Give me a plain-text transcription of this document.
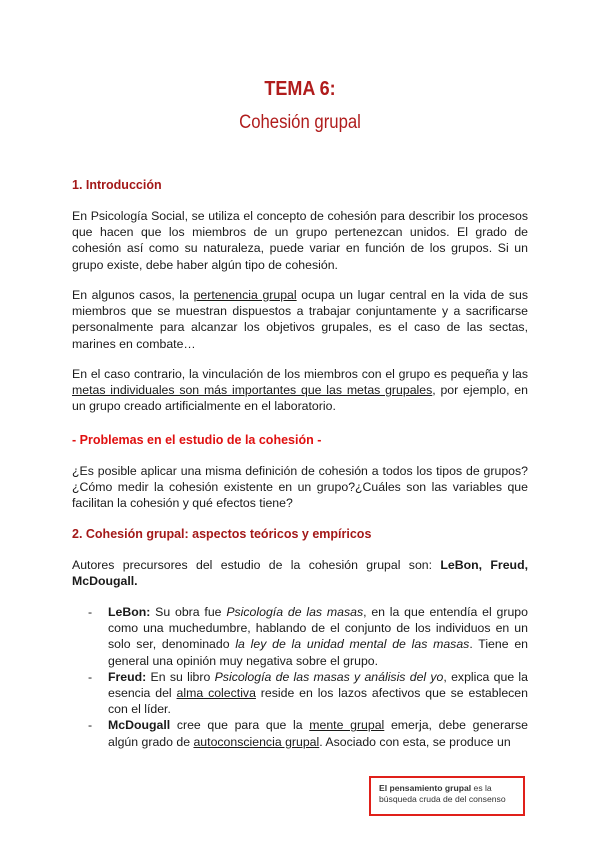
TEMA 6:
Cohesión grupal
1. Introducción
En Psicología Social, se utiliza el concepto de cohesión para describir los procesos que hacen que los miembros de un grupo pertenezcan unidos. El grado de cohesión así como su naturaleza, puede variar en función de los grupos. Si un grupo existe, debe haber algún tipo de cohesión.
En algunos casos, la pertenencia grupal ocupa un lugar central en la vida de sus miembros que se muestran dispuestos a trabajar conjuntamente y a sacrificarse personalmente para alcanzar los objetivos grupales, es el caso de las sectas, marines en combate…
En el caso contrario, la vinculación de los miembros con el grupo es pequeña y las metas individuales son más importantes que las metas grupales, por ejemplo, en un grupo creado artificialmente en el laboratorio.
- Problemas en el estudio de la cohesión -
¿Es posible aplicar una misma definición de cohesión a todos los tipos de grupos?¿Cómo medir la cohesión existente en un grupo?¿Cuáles son las variables que facilitan la cohesión y qué efectos tiene?
2. Cohesión grupal: aspectos teóricos y empíricos
Autores precursores del estudio de la cohesión grupal son: LeBon, Freud, McDougall.
- LeBon: Su obra fue Psicología de las masas, en la que entendía el grupo como una muchedumbre, hablando de el conjunto de los individuos en un solo ser, denominado la ley de la unidad mental de las masas. Tiene en general una opinión muy negativa sobre el grupo.
- Freud: En su libro Psicología de las masas y análisis del yo, explica que la esencia del alma colectiva reside en los lazos afectivos que se establecen con el líder.
- McDougall cree que para que la mente grupal emerja, debe generarse algún grado de autoconsciencia grupal. Asociado con esta, se produce un
El pensamiento grupal es la búsqueda cruda de del consenso
